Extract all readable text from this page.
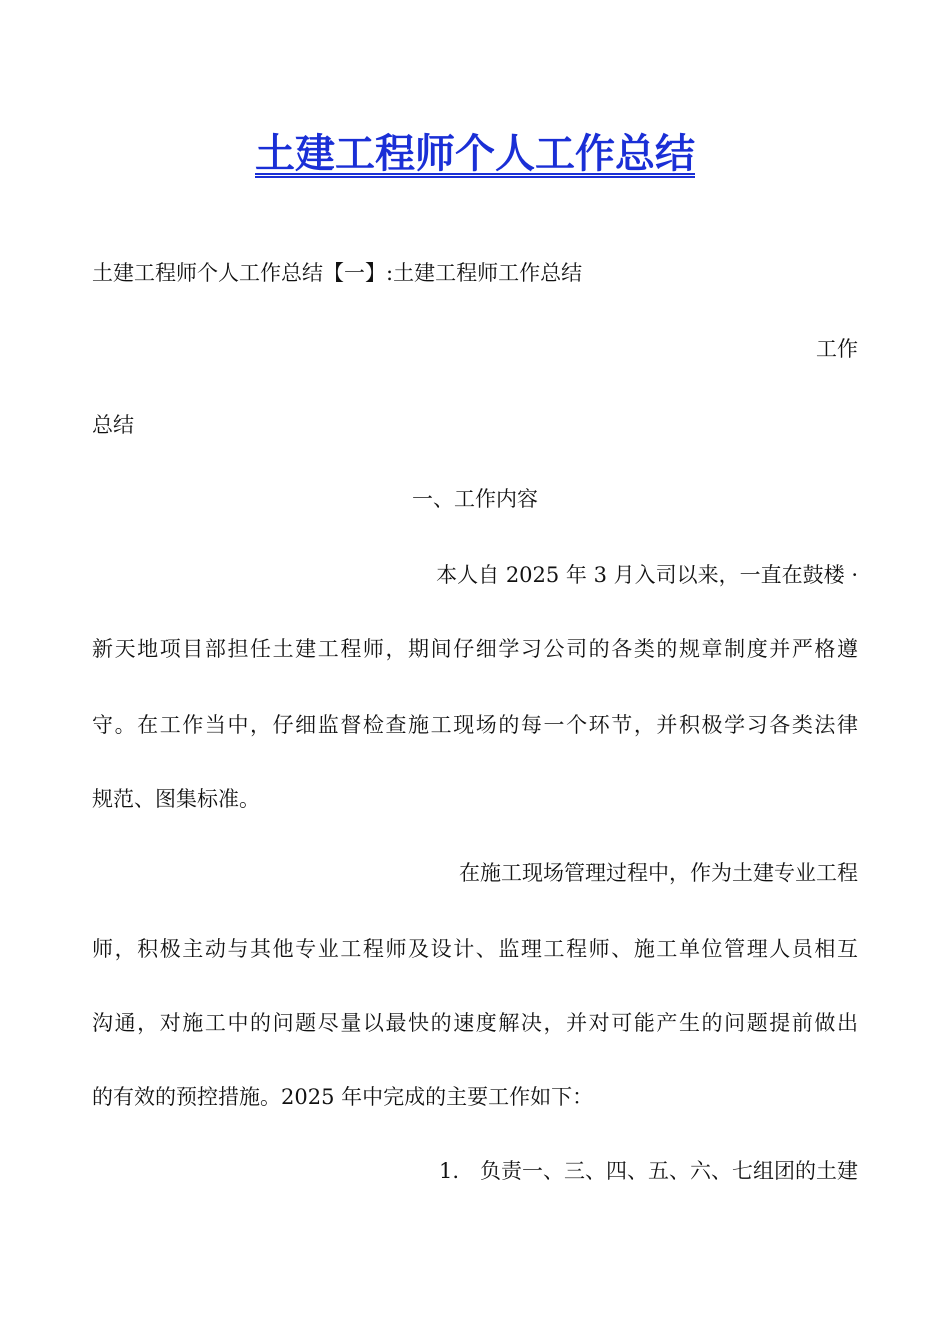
土建工程师个人工作总结

土建工程师个人工作总结【一】:土建工程师工作总结

工作

总结

一、工作内容

本人自 2025 年 3 月入司以来，一直在鼓楼 ·

新天地项目部担任土建工程师，期间仔细学习公司的各类的规章制度并严格遵

守。在工作当中，仔细监督检查施工现场的每一个环节，并积极学习各类法律

规范、图集标准。

在施工现场管理过程中，作为土建专业工程

师，积极主动与其他专业工程师及设计、监理工程师、施工单位管理人员相互

沟通，对施工中的问题尽量以最快的速度解决，并对可能产生的问题提前做出

的有效的预控措施。2025 年中完成的主要工作如下：

1.　负责一、三、四、五、六、七组团的土建
